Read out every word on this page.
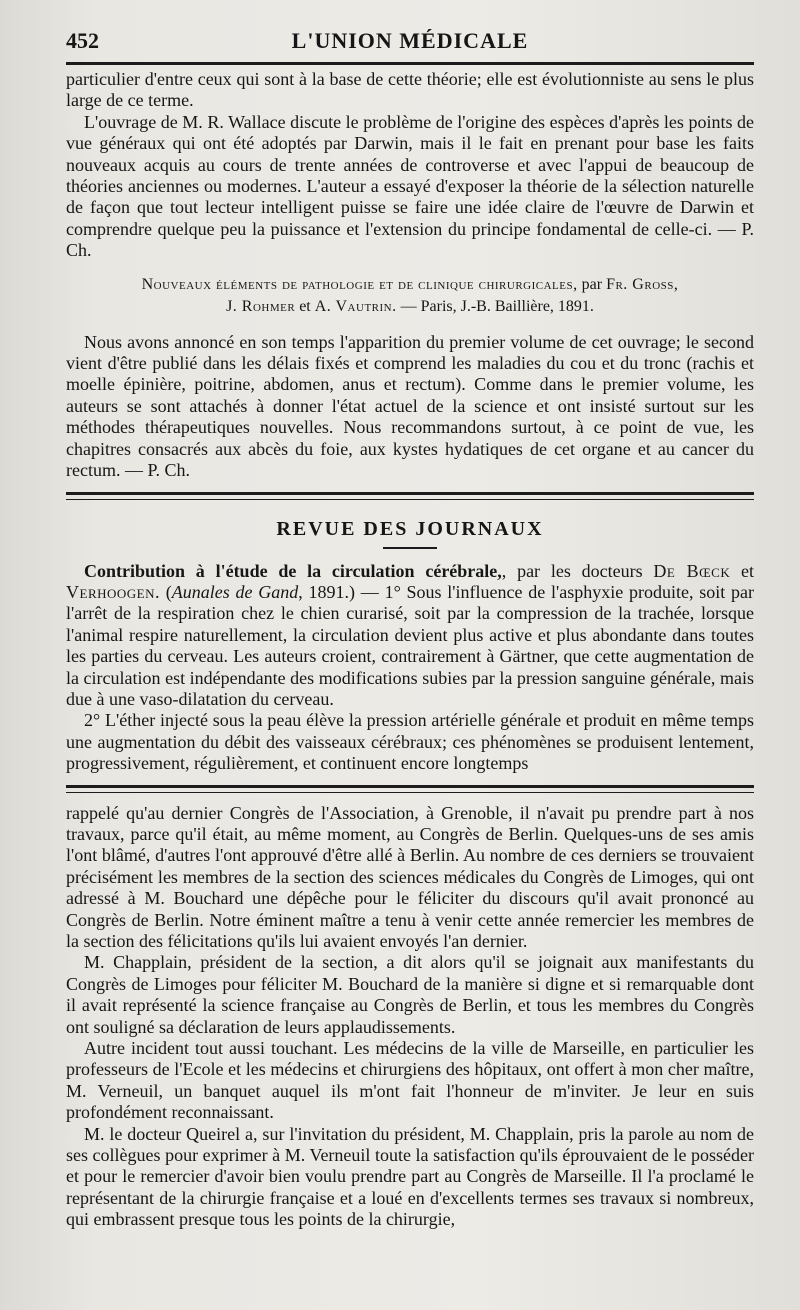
452	L'UNION MÉDICALE

particulier d'entre ceux qui sont à la base de cette théorie; elle est évolutionniste au sens le plus large de ce terme.

L'ouvrage de M. R. Wallace discute le problème de l'origine des espèces d'après les points de vue généraux qui ont été adoptés par Darwin, mais il le fait en prenant pour base les faits nouveaux acquis au cours de trente années de controverse et avec l'appui de beaucoup de théories anciennes ou modernes. L'auteur a essayé d'exposer la théorie de la sélection naturelle de façon que tout lecteur intelligent puisse se faire une idée claire de l'œuvre de Darwin et comprendre quelque peu la puissance et l'extension du principe fondamental de celle-ci. — P. Ch.

Nouveaux éléments de pathologie et de clinique chirurgicales, par Fr. Gross,
J. Rohmer et A. Vautrin. — Paris, J.-B. Baillière, 1891.

Nous avons annoncé en son temps l'apparition du premier volume de cet ouvrage; le second vient d'être publié dans les délais fixés et comprend les maladies du cou et du tronc (rachis et moelle épinière, poitrine, abdomen, anus et rectum). Comme dans le premier volume, les auteurs se sont attachés à donner l'état actuel de la science et ont insisté surtout sur les méthodes thérapeutiques nouvelles. Nous recommandons surtout, à ce point de vue, les chapitres consacrés aux abcès du foie, aux kystes hydatiques de cet organe et au cancer du rectum. — P. Ch.

REVUE DES JOURNAUX

Contribution à l'étude de la circulation cérébrale,, par les docteurs De Bœck et Verhoogen. (Aunales de Gand, 1891.) — 1° Sous l'influence de l'asphyxie produite, soit par l'arrêt de la respiration chez le chien curarisé, soit par la compression de la trachée, lorsque l'animal respire naturellement, la circulation devient plus active et plus abondante dans toutes les parties du cerveau. Les auteurs croient, contrairement à Gärtner, que cette augmentation de la circulation est indépendante des modifications subies par la pression sanguine générale, mais due à une vaso-dilatation du cerveau.

2° L'éther injecté sous la peau élève la pression artérielle générale et produit en même temps une augmentation du débit des vaisseaux cérébraux; ces phénomènes se produisent lentement, progressivement, régulièrement, et continuent encore longtemps

rappelé qu'au dernier Congrès de l'Association, à Grenoble, il n'avait pu prendre part à nos travaux, parce qu'il était, au même moment, au Congrès de Berlin. Quelques-uns de ses amis l'ont blâmé, d'autres l'ont approuvé d'être allé à Berlin. Au nombre de ces derniers se trouvaient précisément les membres de la section des sciences médicales du Congrès de Limoges, qui ont adressé à M. Bouchard une dépêche pour le féliciter du discours qu'il avait prononcé au Congrès de Berlin. Notre éminent maître a tenu à venir cette année remercier les membres de la section des félicitations qu'ils lui avaient envoyés l'an dernier.

M. Chapplain, président de la section, a dit alors qu'il se joignait aux manifestants du Congrès de Limoges pour féliciter M. Bouchard de la manière si digne et si remarquable dont il avait représenté la science française au Congrès de Berlin, et tous les membres du Congrès ont souligné sa déclaration de leurs applaudissements.

Autre incident tout aussi touchant. Les médecins de la ville de Marseille, en particulier les professeurs de l'Ecole et les médecins et chirurgiens des hôpitaux, ont offert à mon cher maître, M. Verneuil, un banquet auquel ils m'ont fait l'honneur de m'inviter. Je leur en suis profondément reconnaissant.

M. le docteur Queirel a, sur l'invitation du président, M. Chapplain, pris la parole au nom de ses collègues pour exprimer à M. Verneuil toute la satisfaction qu'ils éprouvaient de le posséder et pour le remercier d'avoir bien voulu prendre part au Congrès de Marseille. Il l'a proclamé le représentant de la chirurgie française et a loué en d'excellents termes ses travaux si nombreux, qui embrassent presque tous les points de la chirurgie,
